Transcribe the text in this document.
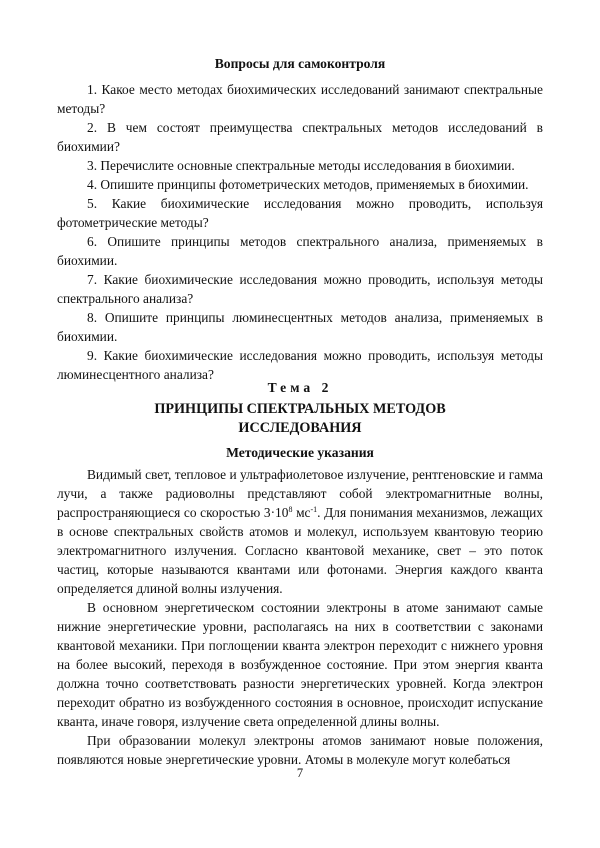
Вопросы для самоконтроля

1. Какое место методах биохимических исследований занимают спектральные методы?

2. В чем состоят преимущества спектральных методов исследований в биохимии?

3. Перечислите основные спектральные методы исследования в биохимии.

4. Опишите принципы фотометрических методов, применяемых в биохимии.

5. Какие биохимические исследования можно проводить, используя фотометрические методы?

6. Опишите принципы методов спектрального анализа, применяемых в биохимии.

7. Какие биохимические исследования можно проводить, используя методы спектрального анализа?

8. Опишите принципы люминесцентных методов анализа, применяемых в биохимии.

9. Какие биохимические исследования можно проводить, используя методы люминесцентного анализа?

Тема 2
ПРИНЦИПЫ СПЕКТРАЛЬНЫХ МЕТОДОВ ИССЛЕДОВАНИЯ
Методические указания

Видимый свет, тепловое и ультрафиолетовое излучение, рентгеновские и гамма лучи, а также радиоволны представляют собой электромагнитные волны, распространяющиеся со скоростью $3\cdot 10^8$ $мс^{-1}$. Для понимания механизмов, лежащих в основе спектральных свойств атомов и молекул, используем квантовую теорию электромагнитного излучения. Согласно квантовой механике, свет – это поток частиц, которые называются квантами или фотонами. Энергия каждого кванта определяется длиной волны излучения.

В основном энергетическом состоянии электроны в атоме занимают самые нижние энергетические уровни, располагаясь на них в соответствии с законами квантовой механики. При поглощении кванта электрон переходит с нижнего уровня на более высокий, переходя в возбужденное состояние. При этом энергия кванта должна точно соответствовать разности энергетических уровней. Когда электрон переходит обратно из возбужденного состояния в основное, происходит испускание кванта, иначе говоря, излучение света определенной длины волны.

При образовании молекул электроны атомов занимают новые положения, появляются новые энергетические уровни. Атомы в молекуле могут колебаться

7
